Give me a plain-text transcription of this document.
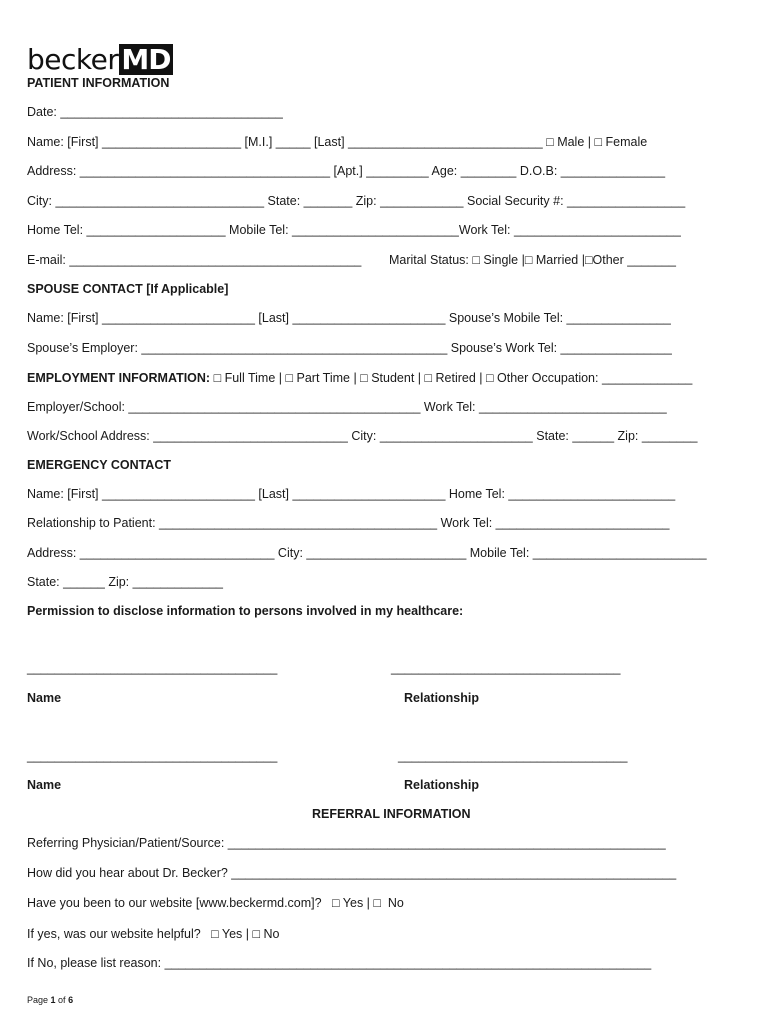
becker MD
PATIENT INFORMATION
Date: ________________________________
Name: [First] ____________________ [M.I.] _____ [Last] ____________________________ □ Male | □ Female
Address: ____________________________________ [Apt.] _________ Age: ________ D.O.B: _______________
City: ______________________________ State: _______ Zip: ____________ Social Security #: _________________
Home Tel: ____________________ Mobile Tel: ________________________Work Tel: ________________________
E-mail: __________________________________________ Marital Status: □ Single |□ Married |□Other _______
SPOUSE CONTACT [If Applicable]
Name: [First] ______________________ [Last] ______________________ Spouse’s Mobile Tel: _______________
Spouse’s Employer: ____________________________________________ Spouse’s Work Tel: ________________
EMPLOYMENT INFORMATION: □ Full Time | □ Part Time | □ Student | □ Retired | □ Other Occupation: _____________
Employer/School: __________________________________________ Work Tel: ___________________________
Work/School Address: ____________________________ City: ______________________ State: ______ Zip: ________
EMERGENCY CONTACT
Name: [First] ______________________ [Last] ______________________ Home Tel: ________________________
Relationship to Patient: ________________________________________ Work Tel: _________________________
Address: ____________________________ City: _______________________ Mobile Tel: _________________________
State: ______ Zip: _____________
Permission to disclose information to persons involved in my healthcare:
____________________________________	_________________________________
Name	Relationship
____________________________________	_________________________________
Name	Relationship
REFERRAL INFORMATION
Referring Physician/Patient/Source: _______________________________________________________________
How did you hear about Dr. Becker? ________________________________________________________________
Have you been to our website [www.beckermd.com]?   □ Yes | □  No
If yes, was our website helpful?   □ Yes | □ No
If No, please list reason: ______________________________________________________________________
Page 1 of 6
